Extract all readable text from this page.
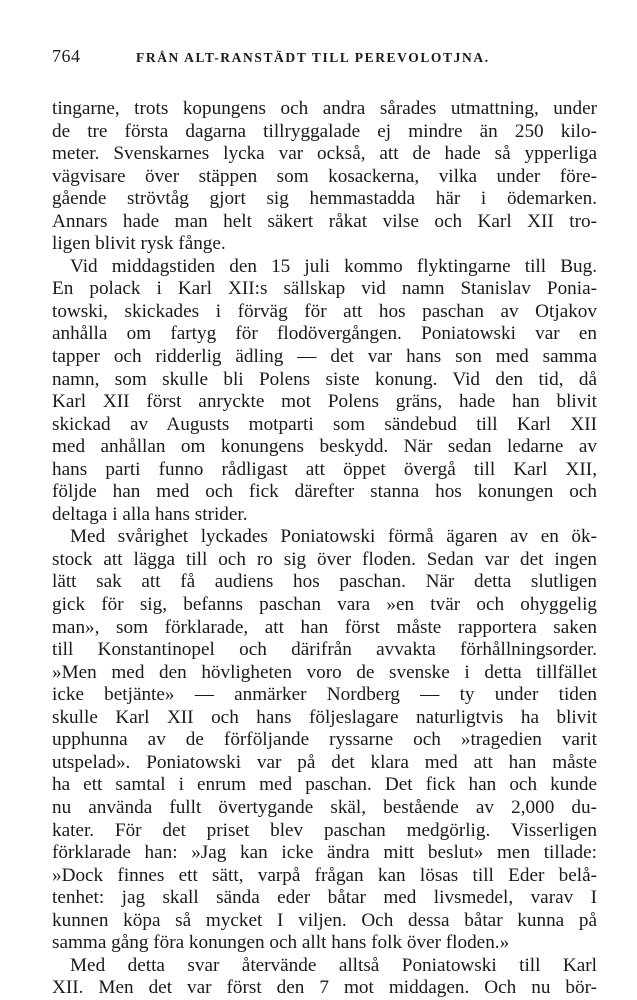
764	FRÅN ALT-RANSTÄDT TILL PEREVOLOTJNA.
tingarne, trots kopungens och andra sårades utmattning, under
de tre första dagarna tillryggalade ej mindre än 250 kilo-
meter. Svenskarnes lycka var också, att de hade så ypperliga
vägvisare över stäppen som kosackerna, vilka under före-
gående strövtåg gjort sig hemmastadda här i ödemarken.
Annars hade man helt säkert råkat vilse och Karl XII tro-
ligen blivit rysk fånge.
Vid middagstiden den 15 juli kommo flyktingarne till Bug.
En polack i Karl XII:s sällskap vid namn Stanislav Ponia-
towski, skickades i förväg för att hos paschan av Otjakov
anhålla om fartyg för flodövergången. Poniatowski var en
tapper och ridderlig ädling — det var hans son med samma
namn, som skulle bli Polens siste konung. Vid den tid, då
Karl XII först anryckte mot Polens gräns, hade han blivit
skickad av Augusts motparti som sändebud till Karl XII
med anhållan om konungens beskydd. När sedan ledarne av
hans parti funno rådligast att öppet övergå till Karl XII,
följde han med och fick därefter stanna hos konungen och
deltaga i alla hans strider.
Med svårighet lyckades Poniatowski förmå ägaren av en ök-
stock att lägga till och ro sig över floden. Sedan var det ingen
lätt sak att få audiens hos paschan. När detta slutligen
gick för sig, befanns paschan vara »en tvär och ohyggelig
man», som förklarade, att han först måste rapportera saken
till Konstantinopel och därifrån avvakta förhållningsorder.
»Men med den hövligheten voro de svenske i detta tillfället
icke betjänte» — anmärker Nordberg — ty under tiden
skulle Karl XII och hans följeslagare naturligtvis ha blivit
upphunna av de förföljande ryssarne och »tragedien varit
utspelad». Poniatowski var på det klara med att han måste
ha ett samtal i enrum med paschan. Det fick han och kunde
nu använda fullt övertygande skäl, bestående av 2,000 du-
kater. För det priset blev paschan medgörlig. Visserligen
förklarade han: »Jag kan icke ändra mitt beslut» men tillade:
»Dock finnes ett sätt, varpå frågan kan lösas till Eder belå-
tenhet: jag skall sända eder båtar med livsmedel, varav I
kunnen köpa så mycket I viljen. Och dessa båtar kunna på
samma gång föra konungen och allt hans folk över floden.»
Med detta svar återvände alltså Poniatowski till Karl
XII. Men det var först den 7 mot middagen. Och nu bör-
